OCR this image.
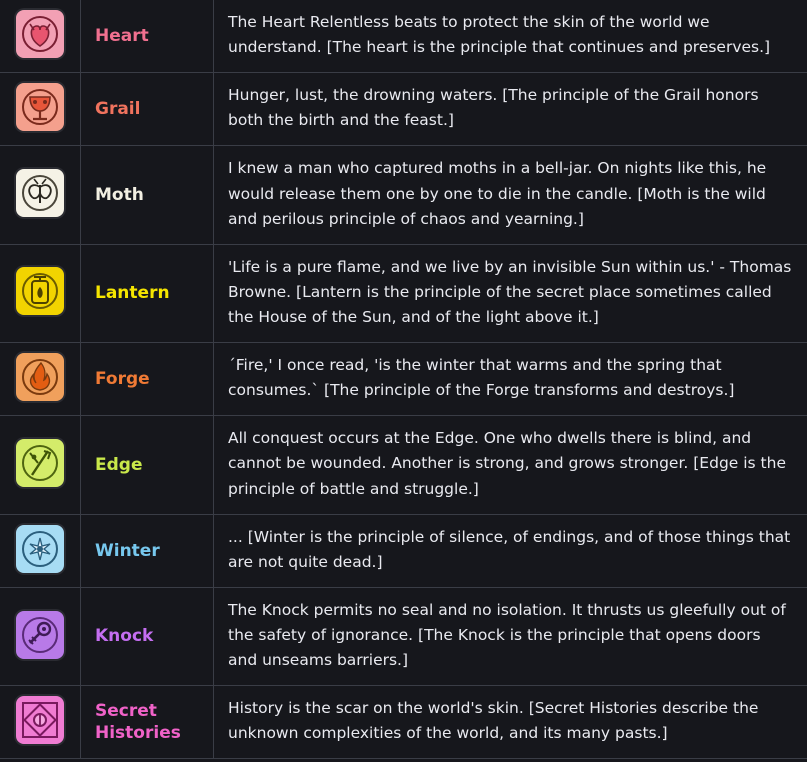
	Heart	The Heart Relentless beats to protect the skin of the world we understand. [The heart is the principle that continues and preserves.]
	Grail	Hunger, lust, the drowning waters. [The principle of the Grail honors both the birth and the feast.]
	Moth	I knew a man who captured moths in a bell-jar. On nights like this, he would release them one by one to die in the candle. [Moth is the wild and perilous principle of chaos and yearning.]
	Lantern	'Life is a pure flame, and we live by an invisible Sun within us.' - Thomas Browne. [Lantern is the principle of the secret place sometimes called the House of the Sun, and of the light above it.]
	Forge	´Fire,' I once read, 'is the winter that warms and the spring that consumes.` [The principle of the Forge transforms and destroys.]
	Edge	All conquest occurs at the Edge. One who dwells there is blind, and cannot be wounded. Another is strong, and grows stronger. [Edge is the principle of battle and struggle.]
	Winter	... [Winter is the principle of silence, of endings, and of those things that are not quite dead.]
	Knock	The Knock permits no seal and no isolation. It thrusts us gleefully out of the safety of ignorance. [The Knock is the principle that opens doors and unseams barriers.]
	Secret Histories	History is the scar on the world's skin. [Secret Histories describe the unknown complexities of the world, and its many pasts.]
